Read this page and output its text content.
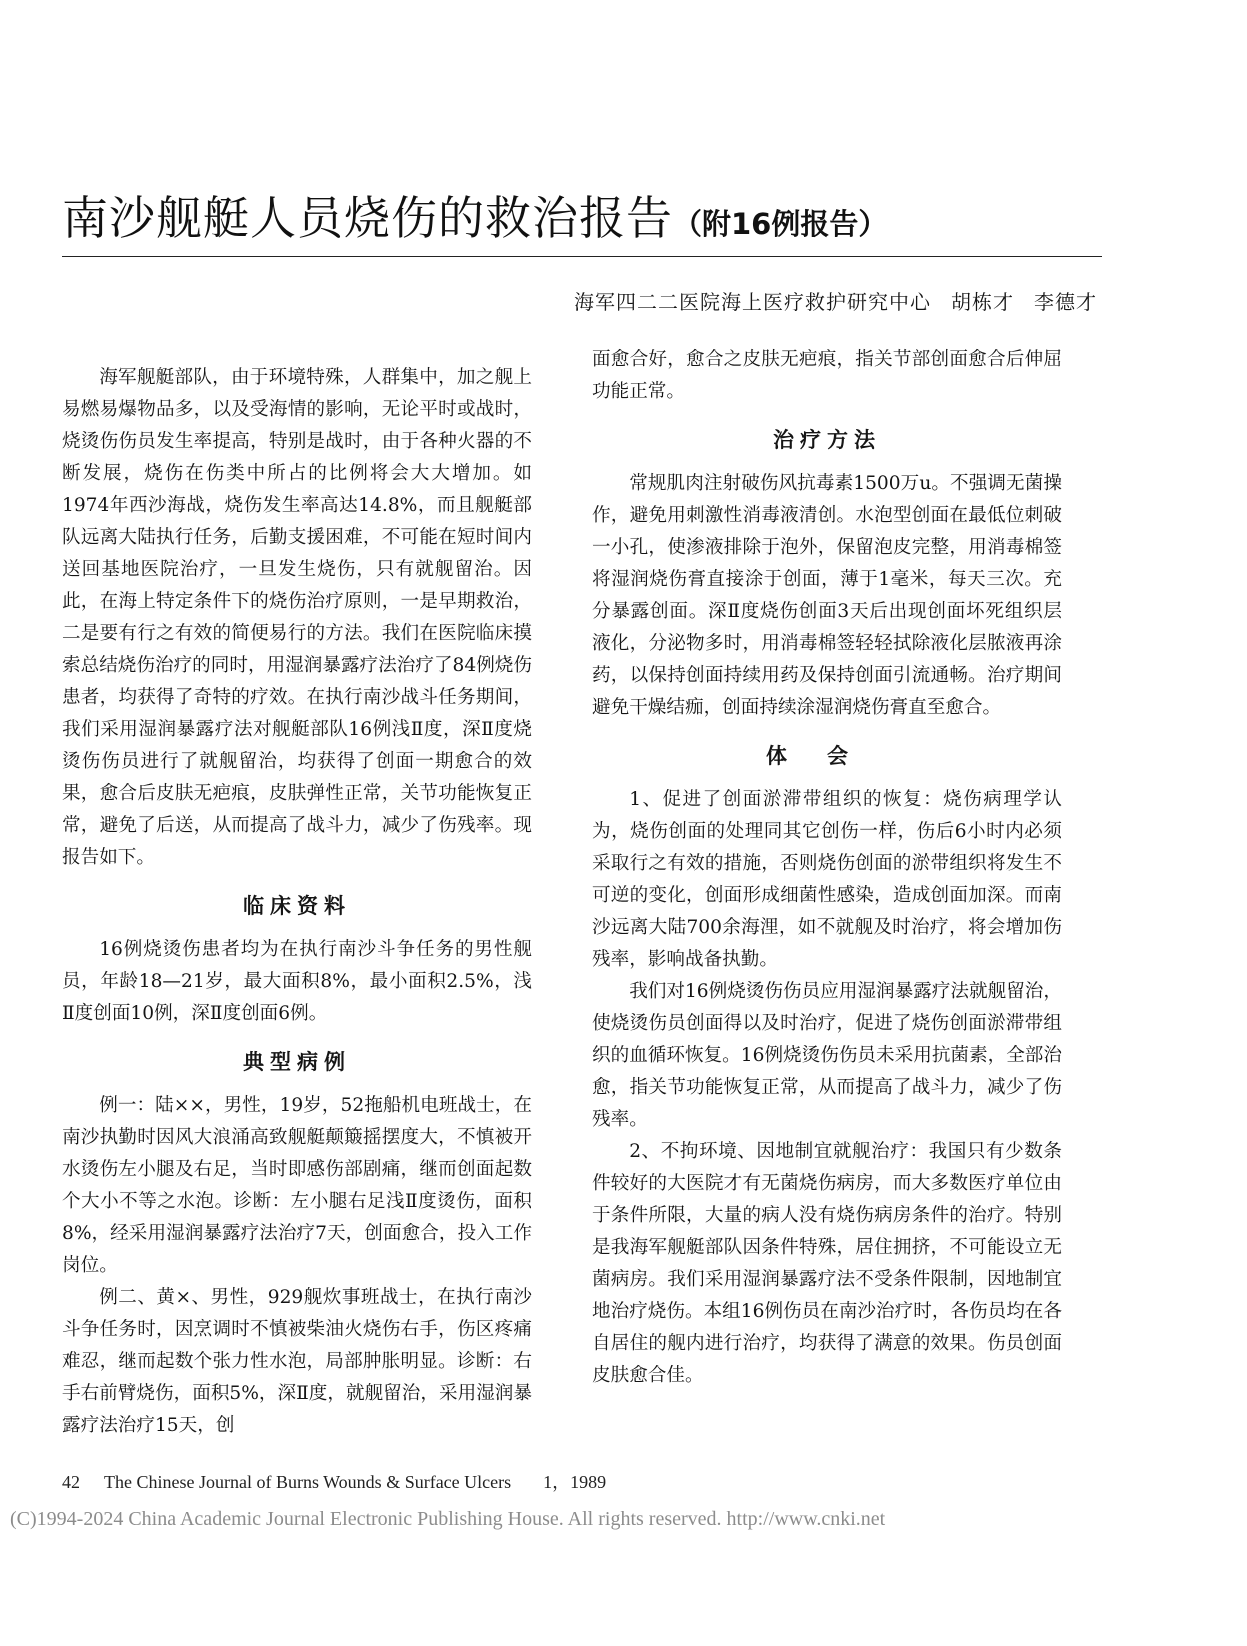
南沙舰艇人员烧伤的救治报告（附16例报告）
海军四二二医院海上医疗救护研究中心 胡栋才 李德才

海军舰艇部队，由于环境特殊，人群集中，加之舰上易燃易爆物品多，以及受海情的影响，无论平时或战时，烧烫伤伤员发生率提高，特别是战时，由于各种火器的不断发展，烧伤在伤类中所占的比例将会大大增加。如1974年西沙海战，烧伤发生率高达14.8%，而且舰艇部队远离大陆执行任务，后勤支援困难，不可能在短时间内送回基地医院治疗，一旦发生烧伤，只有就舰留治。因此，在海上特定条件下的烧伤治疗原则，一是早期救治，二是要有行之有效的简便易行的方法。我们在医院临床摸索总结烧伤治疗的同时，用湿润暴露疗法治疗了84例烧伤患者，均获得了奇特的疗效。在执行南沙战斗任务期间，我们采用湿润暴露疗法对舰艇部队16例浅Ⅱ度，深Ⅱ度烧烫伤伤员进行了就舰留治，均获得了创面一期愈合的效果，愈合后皮肤无疤痕，皮肤弹性正常，关节功能恢复正常，避免了后送，从而提高了战斗力，减少了伤残率。现报告如下。

临床资料

16例烧烫伤患者均为在执行南沙斗争任务的男性舰员，年龄18—21岁，最大面积8%，最小面积2.5%，浅Ⅱ度创面10例，深Ⅱ度创面6例。

典型病例

例一：陆××，男性，19岁，52拖船机电班战士，在南沙执勤时因风大浪涌高致舰艇颠簸摇摆度大，不慎被开水烫伤左小腿及右足，当时即感伤部剧痛，继而创面起数个大小不等之水泡。诊断：左小腿右足浅Ⅱ度烫伤，面积8%，经采用湿润暴露疗法治疗7天，创面愈合，投入工作岗位。

例二、黄×、男性，929舰炊事班战士，在执行南沙斗争任务时，因烹调时不慎被柴油火烧伤右手，伤区疼痛难忍，继而起数个张力性水泡，局部肿胀明显。诊断：右手右前臂烧伤，面积5%，深Ⅱ度，就舰留治，采用湿润暴露疗法治疗15天，创

面愈合好，愈合之皮肤无疤痕，指关节部创面愈合后伸屈功能正常。

治疗方法

常规肌肉注射破伤风抗毒素1500万u。不强调无菌操作，避免用刺激性消毒液清创。水泡型创面在最低位刺破一小孔，使渗液排除于泡外，保留泡皮完整，用消毒棉签将湿润烧伤膏直接涂于创面，薄于1毫米，每天三次。充分暴露创面。深Ⅱ度烧伤创面3天后出现创面坏死组织层液化，分泌物多时，用消毒棉签轻轻拭除液化层脓液再涂药，以保持创面持续用药及保持创面引流通畅。治疗期间避免干燥结痂，创面持续涂湿润烧伤膏直至愈合。

体会

1、促进了创面淤滞带组织的恢复：烧伤病理学认为，烧伤创面的处理同其它创伤一样，伤后6小时内必须采取行之有效的措施，否则烧伤创面的淤带组织将发生不可逆的变化，创面形成细菌性感染，造成创面加深。而南沙远离大陆700余海浬，如不就舰及时治疗，将会增加伤残率，影响战备执勤。

我们对16例烧烫伤伤员应用湿润暴露疗法就舰留治，使烧烫伤员创面得以及时治疗，促进了烧伤创面淤滞带组织的血循环恢复。16例烧烫伤伤员未采用抗菌素，全部治愈，指关节功能恢复正常，从而提高了战斗力，减少了伤残率。

2、不拘环境、因地制宜就舰治疗：我国只有少数条件较好的大医院才有无菌烧伤病房，而大多数医疗单位由于条件所限，大量的病人没有烧伤病房条件的治疗。特别是我海军舰艇部队因条件特殊，居住拥挤，不可能设立无菌病房。我们采用湿润暴露疗法不受条件限制，因地制宜地治疗烧伤。本组16例伤员在南沙治疗时，各伤员均在各自居住的舰内进行治疗，均获得了满意的效果。伤员创面皮肤愈合佳。

42 The Chinese Journal of Burns Wounds & Surface Ulcers 1，1989
(C)1994-2024 China Academic Journal Electronic Publishing House. All rights reserved. http://www.cnki.net
